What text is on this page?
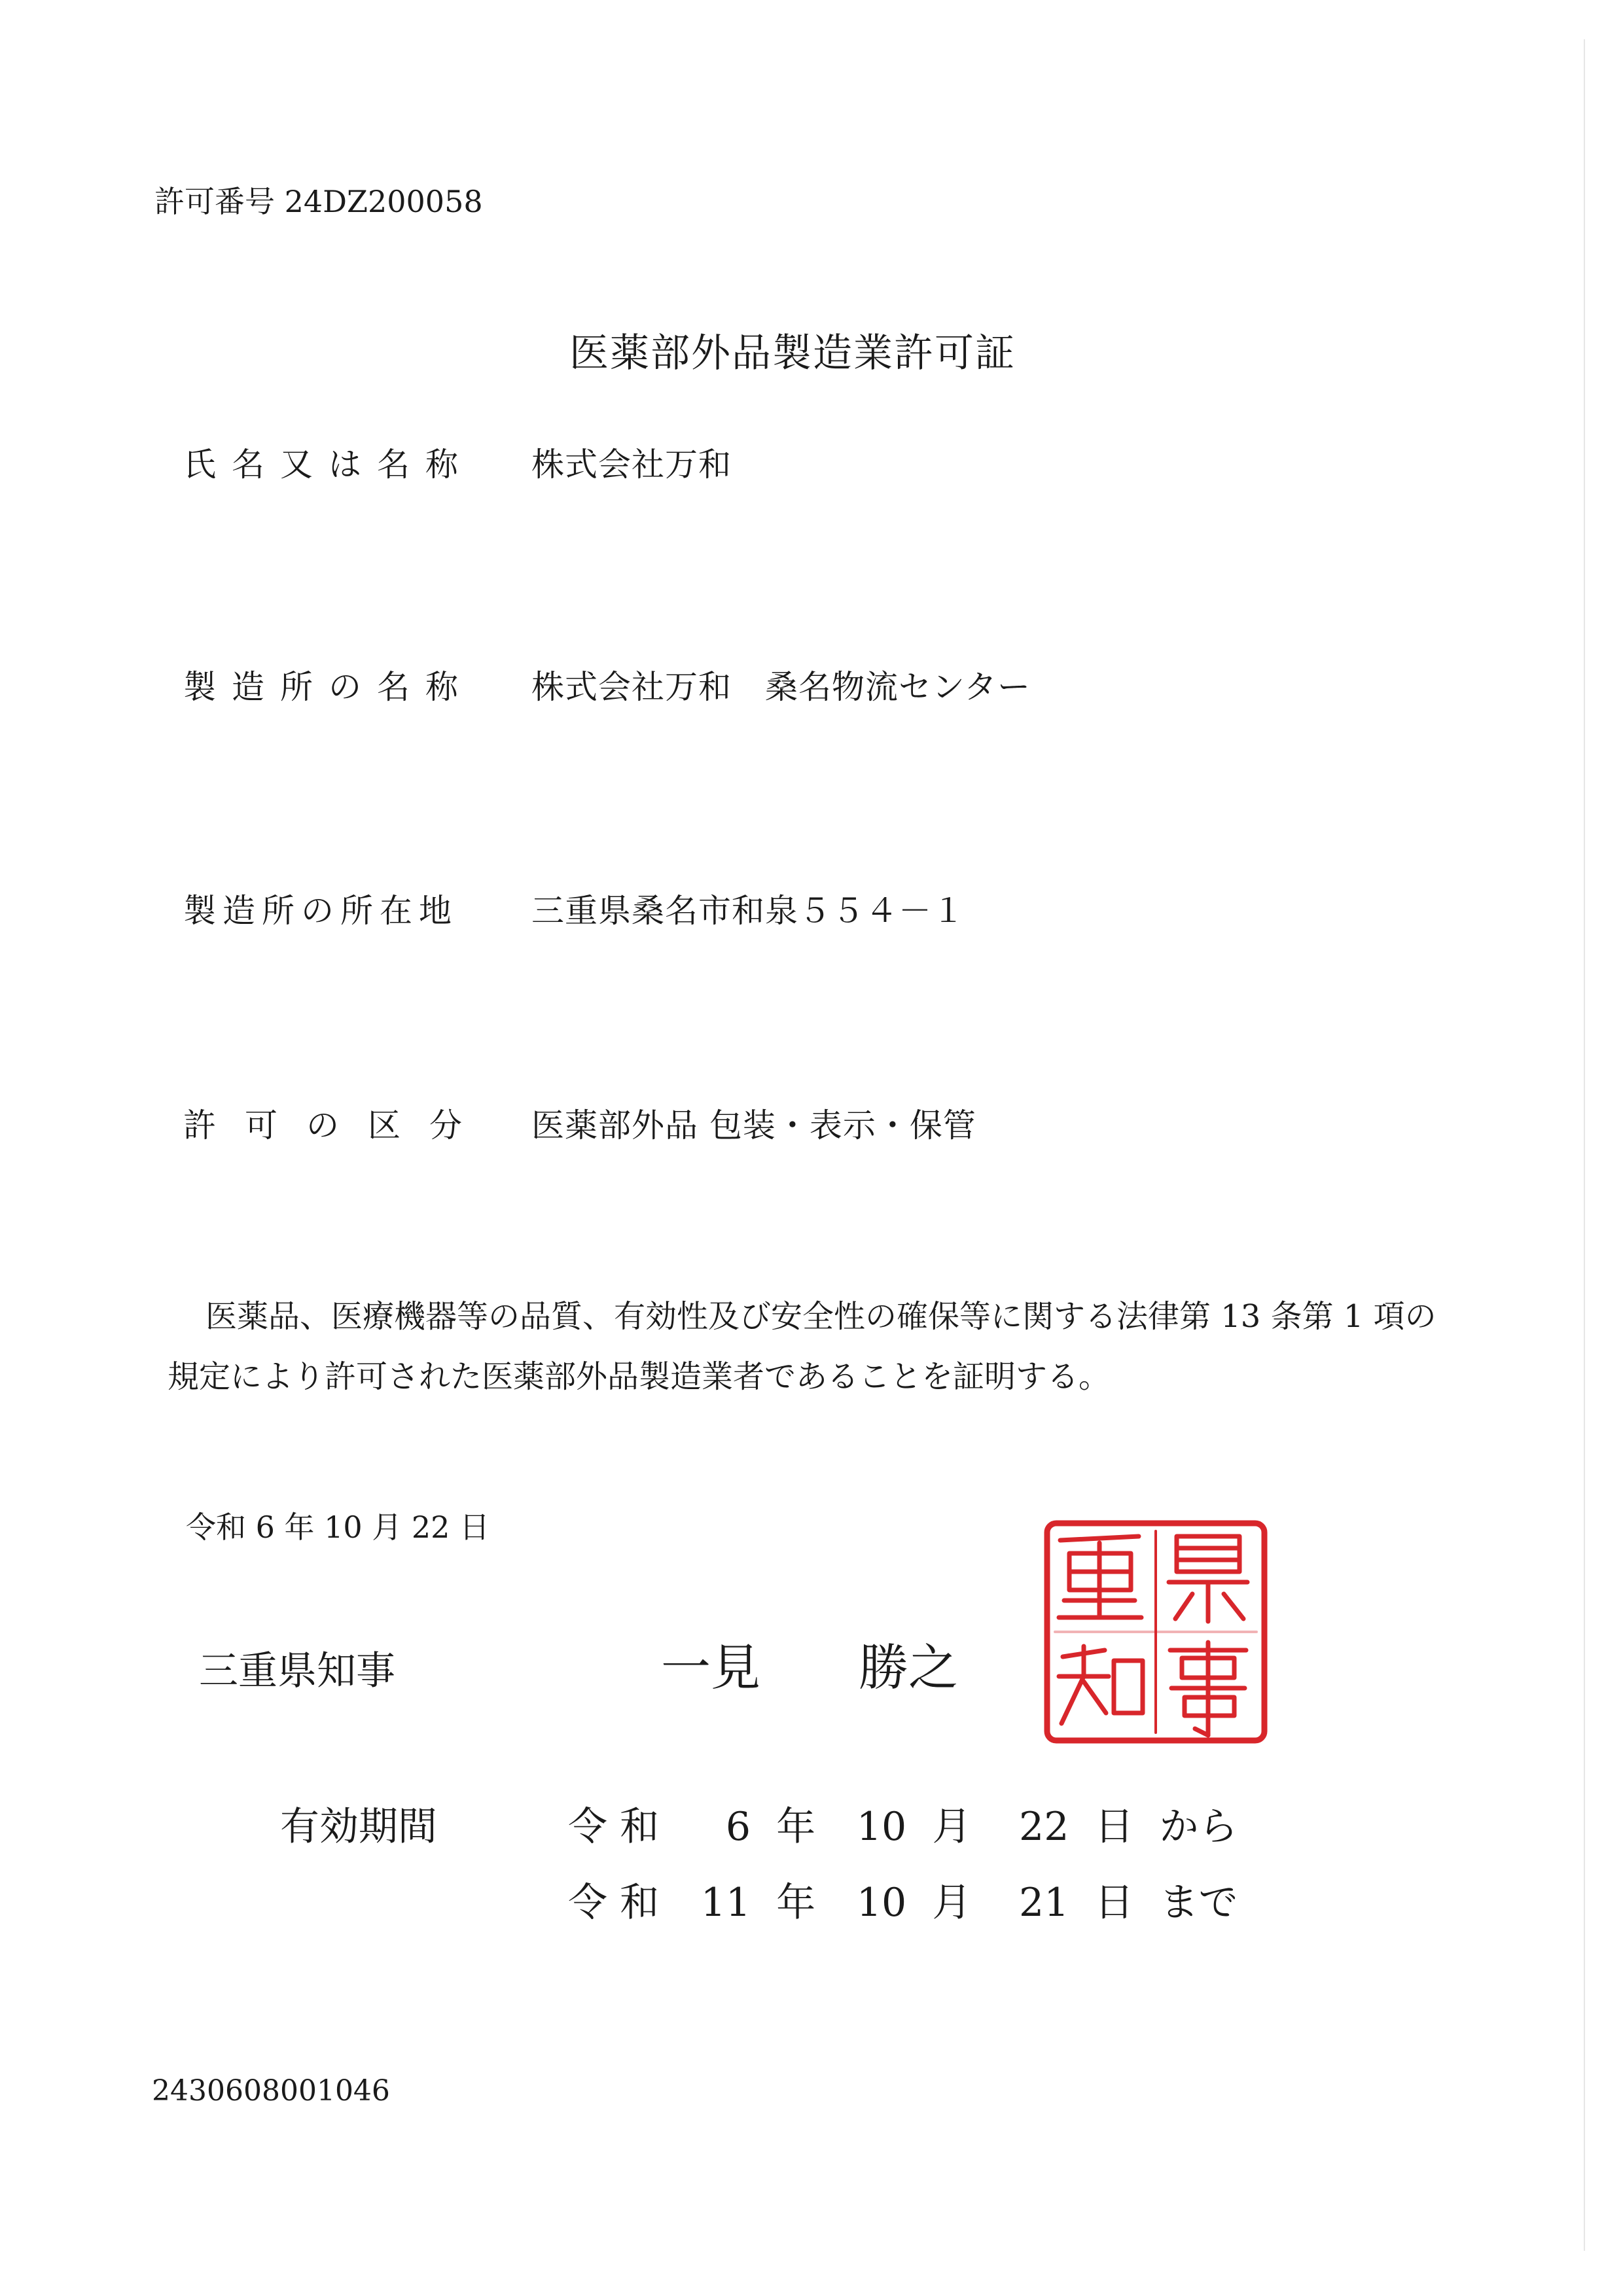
許可番号 24DZ200058
医薬部外品製造業許可証
氏名又は名称 株式会社万和
製造所の名称 株式会社万和　桑名物流センター
製造所の所在地 三重県桑名市和泉５５４－１
許可の区分 医薬部外品 包装・表示・保管
医薬品、医療機器等の品質、有効性及び安全性の確保等に関する法律第 13 条第 1 項の
規定により許可された医薬部外品製造業者であることを証明する。
令和 6 年 10 月 22 日
三重県知事	一見 勝之
有効期間	令 和 6 年 10 月 22 日 から
令 和 11 年 10 月 21 日 まで
2430608001046
